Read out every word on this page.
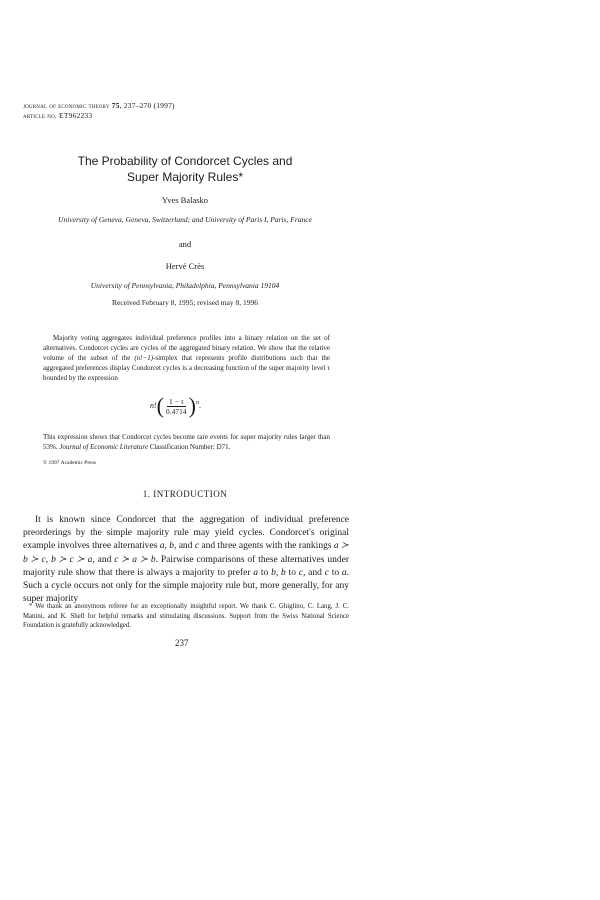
journal of economic theory 75, 237–270 (1997)
article no. ET962233
The Probability of Condorcet Cycles and
Super Majority Rules*
Yves Balasko
University of Geneva, Geneva, Switzerland; and University of Paris I, Paris, France
and
Hervé Crès
University of Pennsylvania, Philadelphia, Pennsylvania 19104
Received February 8, 1995; revised may 8, 1996
Majority voting aggregates individual preference profiles into a binary relation on the set of alternatives. Condorcet cycles are cycles of the aggregated binary relation. We show that the relative volume of the subset of the (n!−1)-simplex that represents profile distributions such that the aggregated preferences display Condorcet cycles is a decreasing function of the super majority level τ bounded by the expression
$n!( \frac{1 - \tau}{0.4714} )^n$.
This expression shows that Condorcet cycles become rare events for super majority rules larger than 53%. Journal of Economic Literature Classification Number: D71.
© 1997 Academic Press
1. INTRODUCTION
It is known since Condorcet that the aggregation of individual preference preorderings by the simple majority rule may yield cycles. Condorcet's original example involves three alternatives a, b, and c and three agents with the rankings a ≻ b ≻ c, b ≻ c ≻ a, and c ≻ a ≻ b. Pairwise comparisons of these alternatives under majority rule show that there is always a majority to prefer a to b, b to c, and c to a. Such a cycle occurs not only for the simple majority rule but, more generally, for any super majority
* We thank an anonymous referee for an exceptionally insightful report. We thank C. Ghiglino, C. Lang, J. C. Manini, and K. Shell for helpful remarks and stimulating discussions. Support from the Swiss National Science Foundation is gratefully acknowledged.
237
